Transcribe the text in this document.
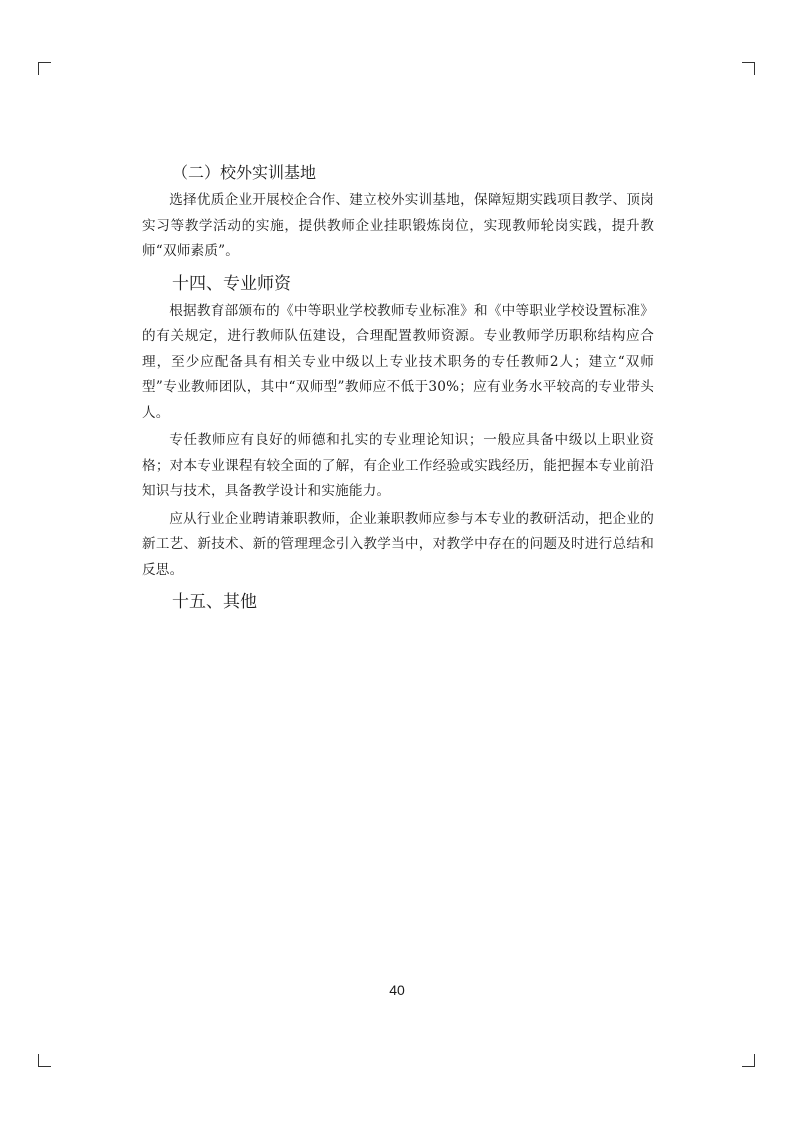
（二）校外实训基地

选择优质企业开展校企合作、建立校外实训基地，保障短期实践项目教学、顶岗实习等教学活动的实施，提供教师企业挂职锻炼岗位，实现教师轮岗实践，提升教师“双师素质”。

十四、专业师资

根据教育部颁布的《中等职业学校教师专业标准》和《中等职业学校设置标准》的有关规定，进行教师队伍建设，合理配置教师资源。专业教师学历职称结构应合理，至少应配备具有相关专业中级以上专业技术职务的专任教师2人；建立“双师型”专业教师团队，其中“双师型”教师应不低于30%；应有业务水平较高的专业带头人。

专任教师应有良好的师德和扎实的专业理论知识；一般应具备中级以上职业资格；对本专业课程有较全面的了解，有企业工作经验或实践经历，能把握本专业前沿知识与技术，具备教学设计和实施能力。

应从行业企业聘请兼职教师，企业兼职教师应参与本专业的教研活动，把企业的新工艺、新技术、新的管理理念引入教学当中，对教学中存在的问题及时进行总结和反思。

十五、其他
40
